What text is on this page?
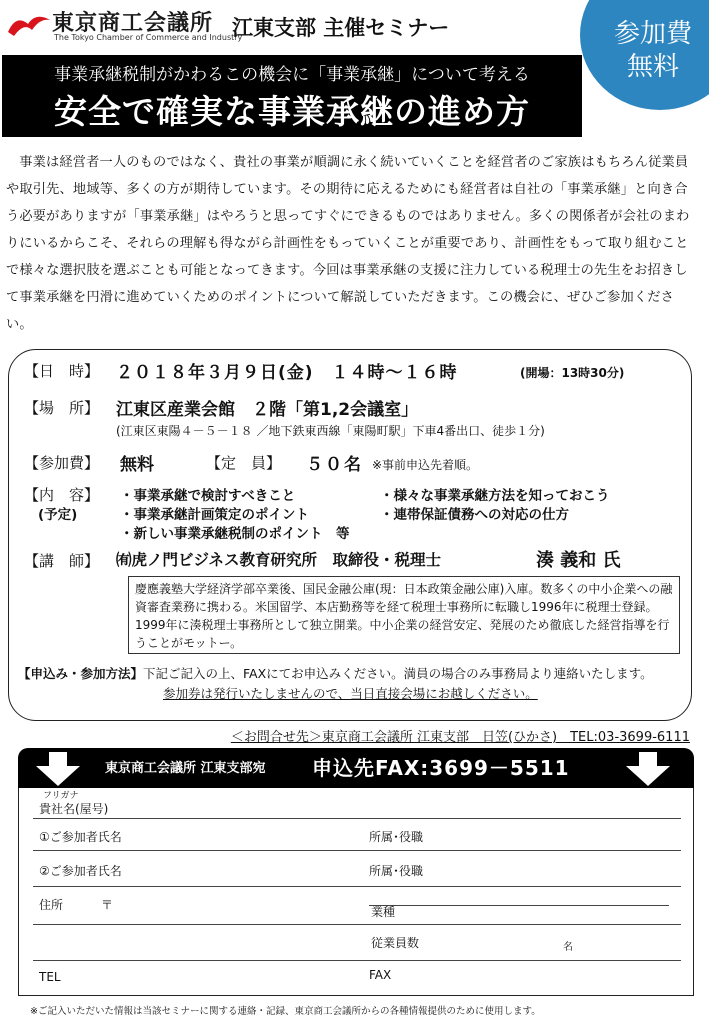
東京商工会議所
The Tokyo Chamber of Commerce and Industry
江東支部 主催セミナー	参加費
無料
事業承継税制がかわるこの機会に「事業承継」について考える
安全で確実な事業承継の進め方
事業は経営者一人のものではなく、貴社の事業が順調に永く続いていくことを経営者のご家族はもちろん従業員や取引先、地域等、多くの方が期待しています。その期待に応えるためにも経営者は自社の「事業承継」と向き合う必要がありますが「事業承継」はやろうと思ってすぐにできるものではありません。多くの関係者が会社のまわりにいるからこそ、それらの理解も得ながら計画性をもっていくことが重要であり、計画性をもって取り組むことで様々な選択肢を選ぶことも可能となってきます。今回は事業承継の支援に注力している税理士の先生をお招きして事業承継を円滑に進めていくためのポイントについて解説していただきます。この機会に、ぜひご参加ください。
【日　時】 ２０１８年３月９日(金)　１４時～１６時	(開場：13時30分)
【場　所】 江東区産業会館　２階「第1,2会議室」
(江東区東陽４－５－１８ ／地下鉄東西線「東陽町駅」下車4番出口、徒歩１分)
【参加費】 無料	【定　員】 ５０名 ※事前申込先着順。
【内　容】
(予定)
・事業承継で検討すべきこと
・事業承継計画策定のポイント
・新しい事業承継税制のポイント　等
・様々な事業承継方法を知っておこう
・連帯保証債務への対応の仕方
【講　師】 ㈲虎ノ門ビジネス教育研究所　取締役・税理士	湊 義和 氏
慶應義塾大学経済学部卒業後、国民金融公庫(現：日本政策金融公庫)入庫。数多くの中小企業への融資審査業務に携わる。米国留学、本店勤務等を経て税理士事務所に転職し1996年に税理士登録。1999年に湊税理士事務所として独立開業。中小企業の経営安定、発展のため徹底した経営指導を行うことがモットー。
【申込み・参加方法】下記ご記入の上、FAXにてお申込みください。満員の場合のみ事務局より連絡いたします。
参加券は発行いたしませんので、当日直接会場にお越しください。
＜お問合せ先＞東京商工会議所 江東支部　日笠(ひかさ)　TEL:03-3699-6111
東京商工会議所 江東支部宛 申込先FAX:3699－5511
フリガナ
貴社名(屋号)
①ご参加者氏名	所属･役職
②ご参加者氏名	所属･役職
住所	〒	業種
従業員数	名
TEL	FAX
※ご記入いただいた情報は当該セミナーに関する連絡・記録、東京商工会議所からの各種情報提供のために使用します。
